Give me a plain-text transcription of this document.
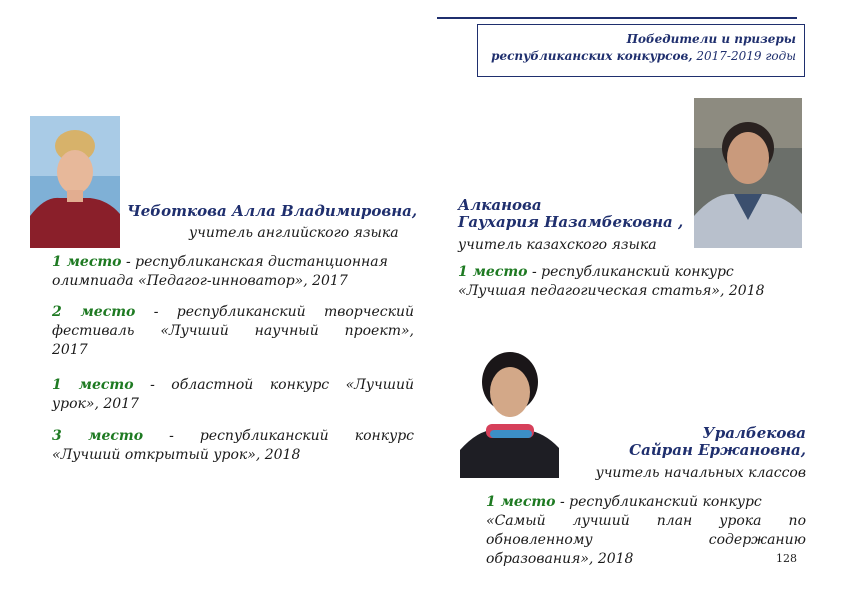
Победители и призеры
республиканских конкурсов, 2017-2019 годы
Чеботкова Алла Владимировна,
учитель английского языка
1 место - республиканская дистанционная
олимпиада «Педагог-инноватор», 2017
2 место - республиканский творческий
фестиваль «Лучший научный проект»,
2017
1 место - областной конкурс «Лучший
урок», 2017
3 место - республиканский конкурс
«Лучший открытый урок», 2018
Алканова
Гаухария Назамбековна ,
учитель казахского языка
1 место - республиканский конкурс
«Лучшая педагогическая статья», 2018
Уралбекова
Сайран Ержановна,
учитель начальных классов
1 место - республиканский конкурс
«Самый лучший план урока по
обновленному содержанию
образования», 2018	128
